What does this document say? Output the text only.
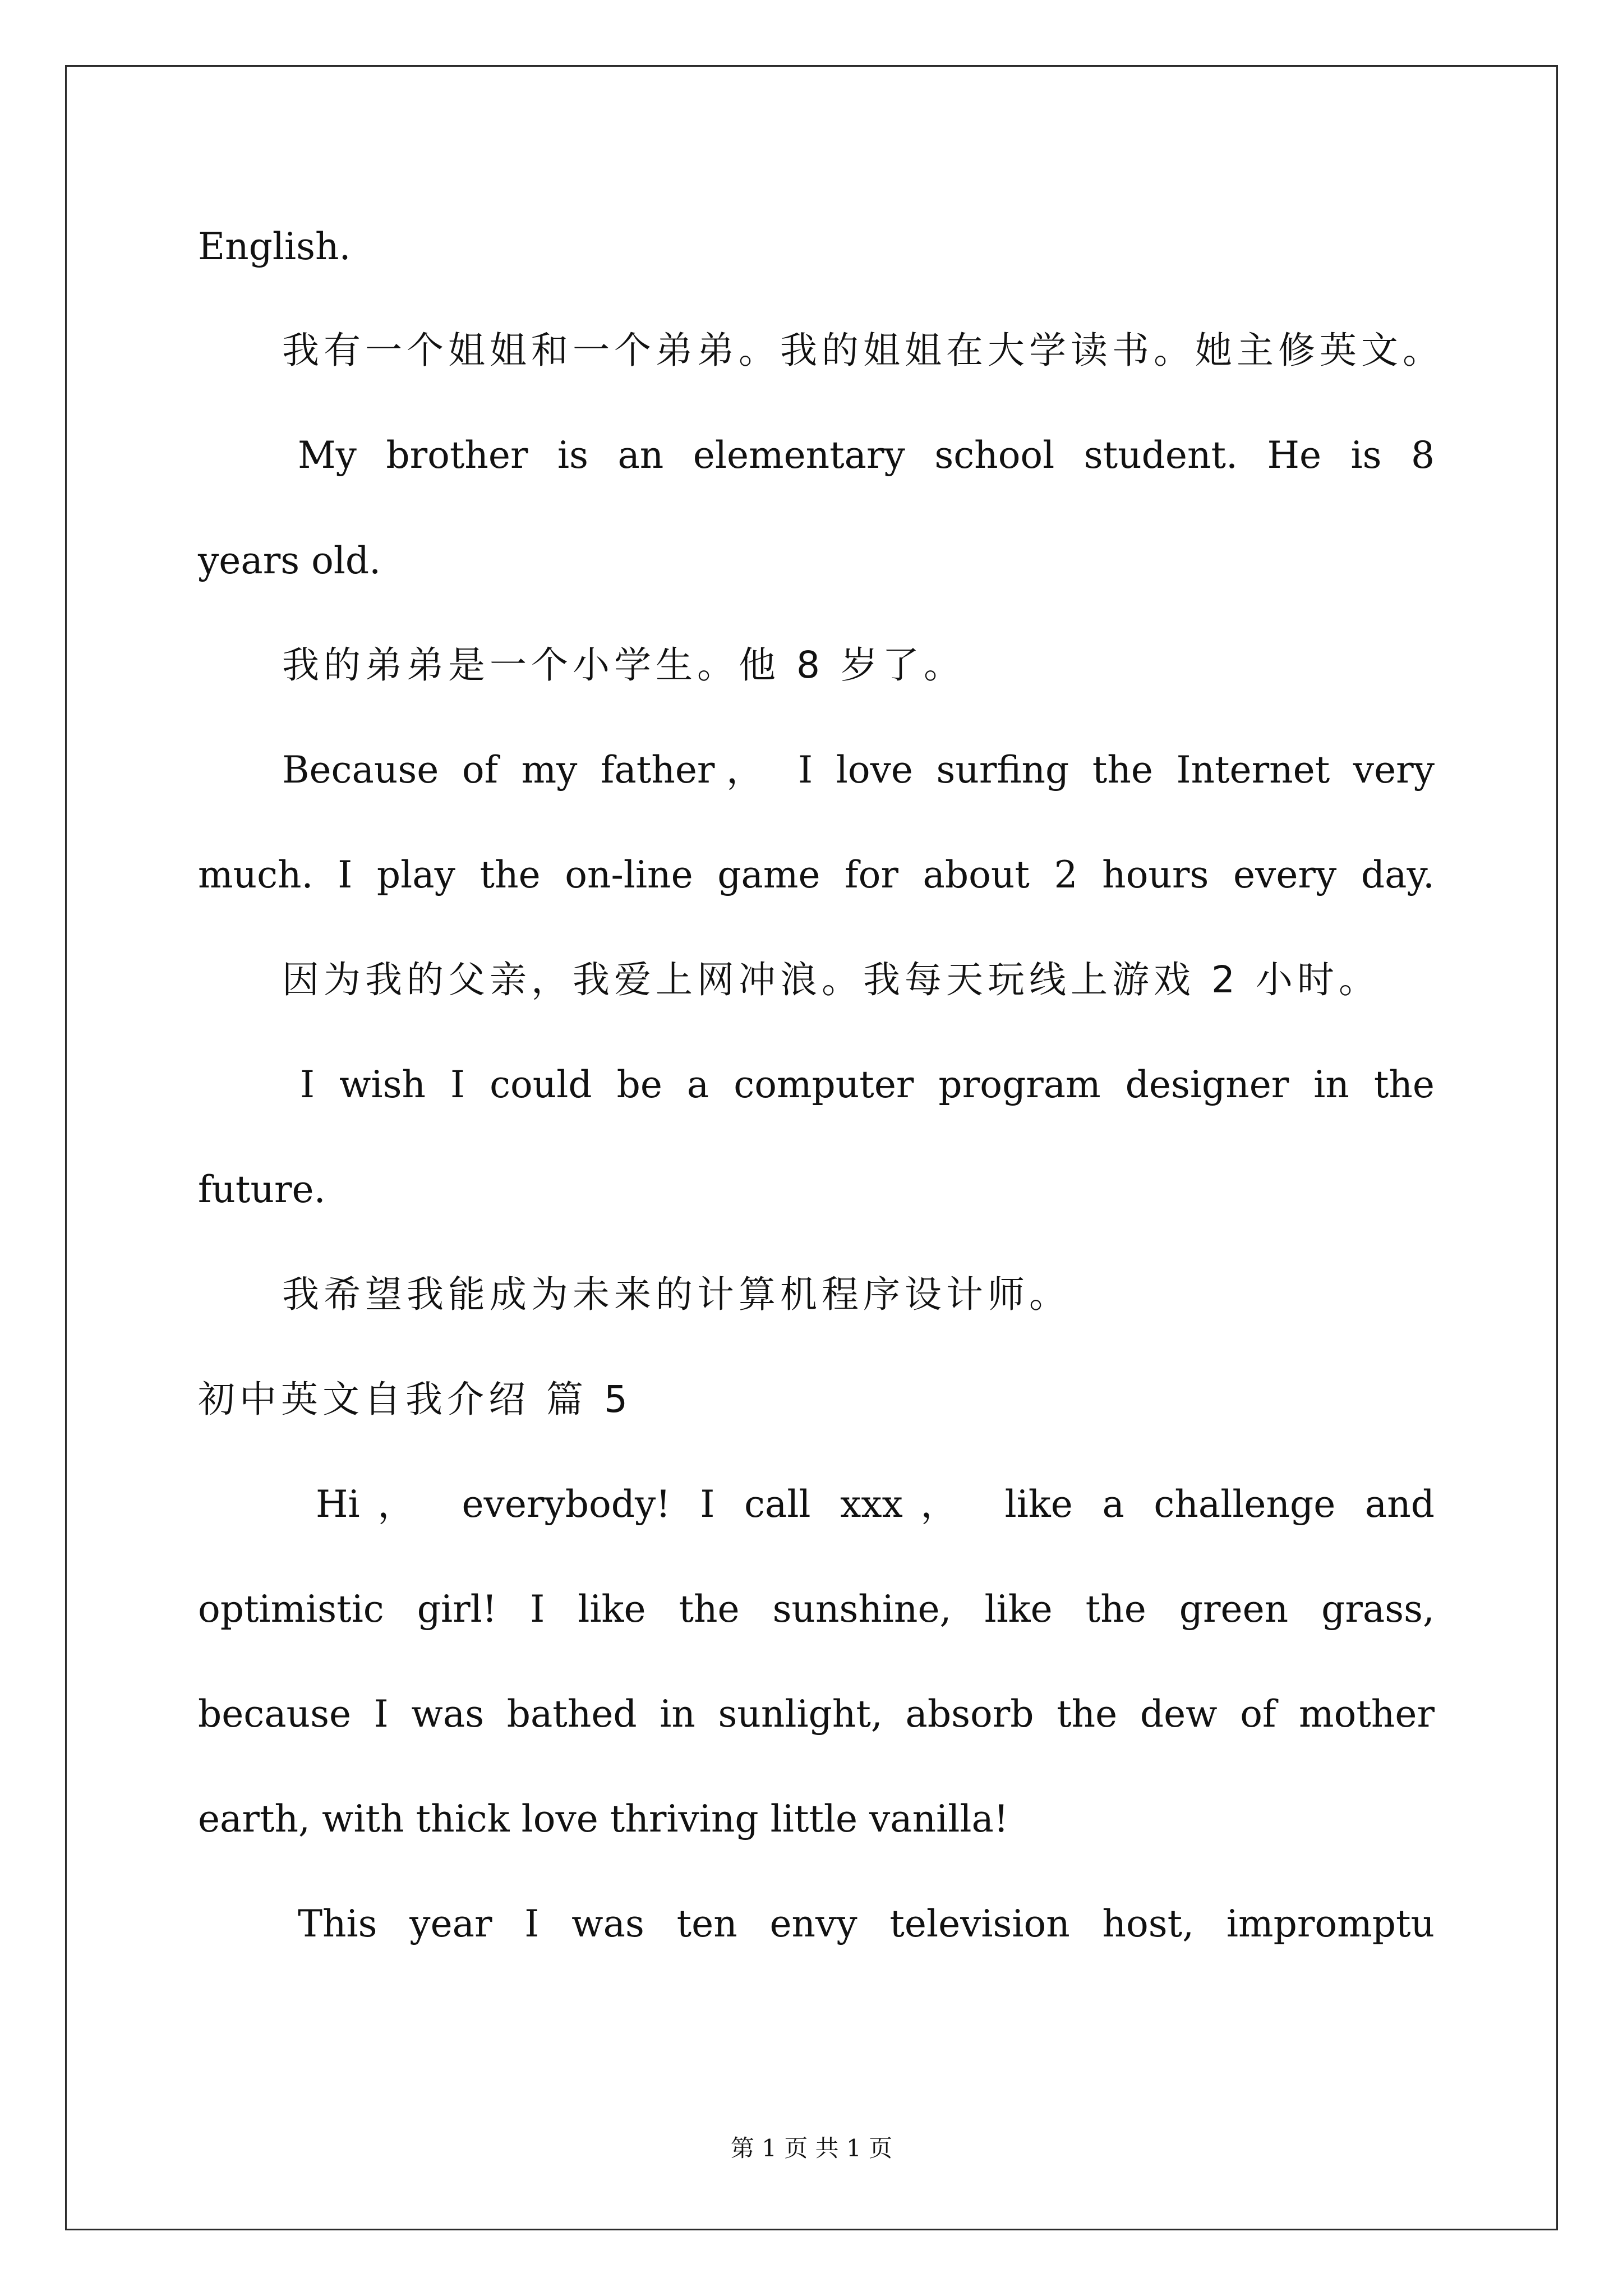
English.
我有一个姐姐和一个弟弟。我的姐姐在大学读书。她主修英文。
My brother is an elementary school student. He is 8
years old.
我的弟弟是一个小学生。他 8 岁了。
Because of my father， I love surfing the Internet very
much. I play the on-line game for about 2 hours every day.
因为我的父亲，我爱上网冲浪。我每天玩线上游戏 2 小时。
I wish I could be a computer program designer in the
future.
我希望我能成为未来的计算机程序设计师。
初中英文自我介绍 篇 5
Hi， everybody! I call xxx， like a challenge and
optimistic girl! I like the sunshine, like the green grass,
because I was bathed in sunlight, absorb the dew of mother
earth, with thick love thriving little vanilla!
This year I was ten envy television host, impromptu
第 1 页 共 1 页
